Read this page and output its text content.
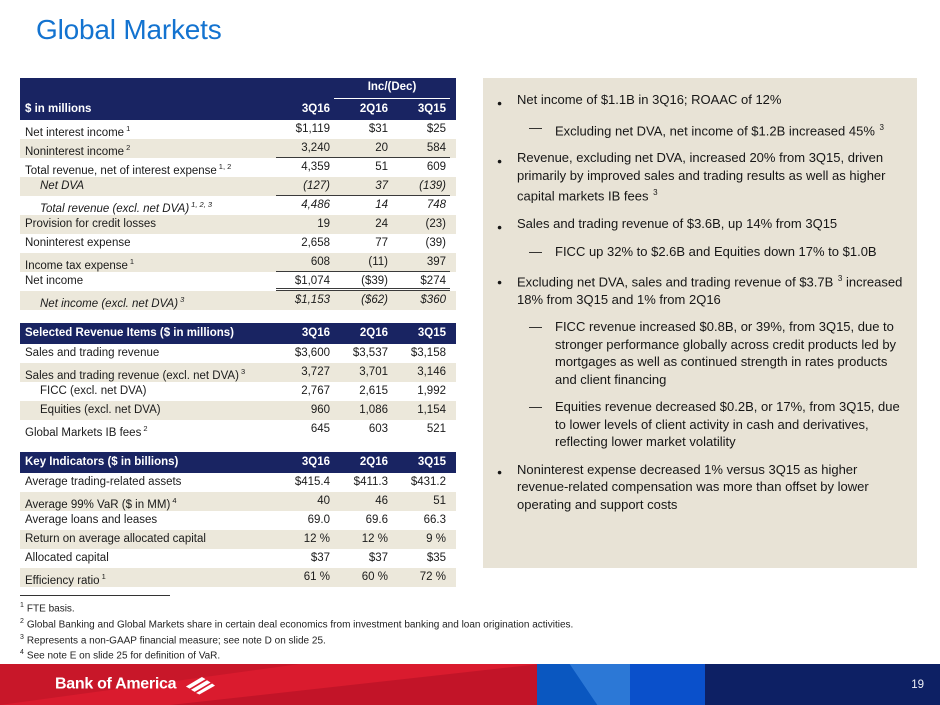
Global Markets
Inc/(Dec)
$ in millions	3Q16	2Q16	3Q15
Net interest income $^1$	$1,119	$31	$25
Noninterest income $^2$	3,240	20	584
Total revenue, net of interest expense $^{1, 2}$	4,359	51	609
Net DVA	(127)	37	(139)
Total revenue (excl. net DVA) $^{1, 2, 3}$	4,486	14	748
Provision for credit losses	19	24	(23)
Noninterest expense	2,658	77	(39)
Income tax expense $^1$	608	(11)	397
Net income	$1,074	($39)	$274
Net income (excl. net DVA) $^3$	$1,153	($62)	$360
Selected Revenue Items ($ in millions)	3Q16	2Q16	3Q15
Sales and trading revenue	$3,600	$3,537	$3,158
Sales and trading revenue (excl. net DVA) $^3$	3,727	3,701	3,146
FICC (excl. net DVA)	2,767	2,615	1,992
Equities (excl. net DVA)	960	1,086	1,154
Global Markets IB fees $^2$	645	603	521
Key Indicators ($ in billions)	3Q16	2Q16	3Q15
Average trading-related assets	$415.4	$411.3	$431.2
Average 99% VaR ($ in MM) $^4$	40	46	51
Average loans and leases	69.0	69.6	66.3
Return on average allocated capital	12 %	12 %	9 %
Allocated capital	$37	$37	$35
Efficiency ratio $^1$	61 %	60 %	72 %
● Net income of $1.1B in 3Q16; ROAAC of 12%
— Excluding net DVA, net income of $1.2B increased 45% $^3$
● Revenue, excluding net DVA, increased 20% from 3Q15, driven primarily by improved sales and trading results as well as higher capital markets IB fees $^3$
● Sales and trading revenue of $3.6B, up 14% from 3Q15
— FICC up 32% to $2.6B and Equities down 17% to $1.0B
● Excluding net DVA, sales and trading revenue of $3.7B $^3$ increased 18% from 3Q15 and 1% from 2Q16
— FICC revenue increased $0.8B, or 39%, from 3Q15, due to stronger performance globally across credit products led by mortgages as well as continued strength in rates products and client financing
— Equities revenue decreased $0.2B, or 17%, from 3Q15, due to lower levels of client activity in cash and derivatives, reflecting lower market volatility
● Noninterest expense decreased 1% versus 3Q15 as higher revenue-related compensation was more than offset by lower operating and support costs
$^1$ FTE basis.
$^2$ Global Banking and Global Markets share in certain deal economics from investment banking and loan origination activities.
$^3$ Represents a non-GAAP financial measure; see note D on slide 25.
$^4$ See note E on slide 25 for definition of VaR.
Bank of America	19
